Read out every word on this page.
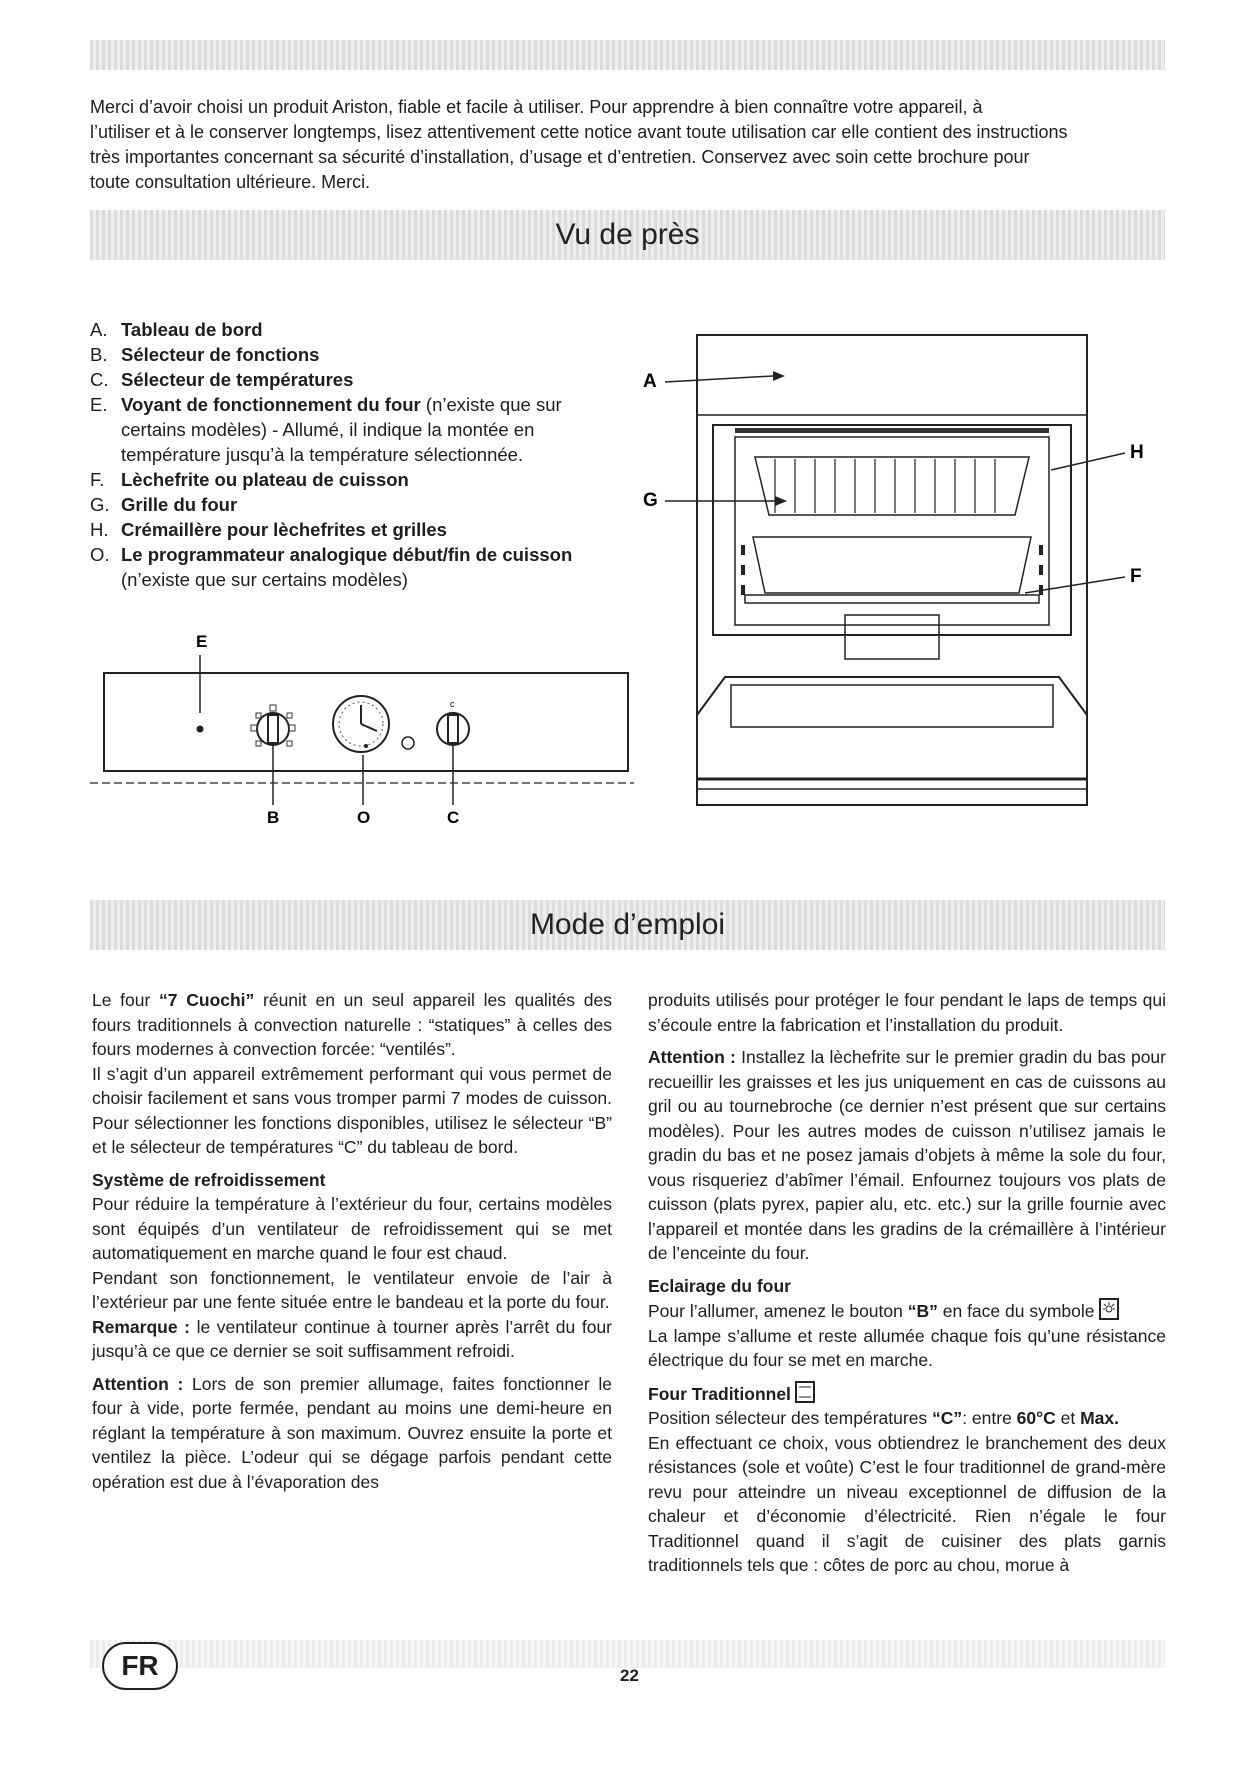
Merci d’avoir choisi un produit Ariston, fiable et facile à utiliser. Pour apprendre à bien connaître votre appareil, à

l’utiliser et à le conserver longtemps, lisez attentivement cette notice avant toute utilisation car elle contient des instructions

très importantes concernant sa sécurité d’installation, d’usage et d’entretien. Conservez avec soin cette brochure pour

toute consultation ultérieure. Merci.

Vu de près
A. Tableau de bord
B. Sélecteur de fonctions
C. Sélecteur de températures
E. Voyant de fonctionnement du four (n’existe que sur certains modèles) - Allumé, il indique la montée en température jusqu’à la température sélectionnée.
F. Lèchefrite ou plateau de cuisson
G. Grille du four
H. Crémaillère pour lèchefrites et grilles
O. Le programmateur analogique début/fin de cuisson (n’existe que sur certains modèles)
E
c
B	O	C
A
G
H
F
Mode d’emploi

Le four “7 Cuochi” réunit en un seul appareil les qualités des fours traditionnels à convection naturelle : “statiques” à celles des fours modernes à convection forcée: “ventilés”.

Il s’agit d’un appareil extrêmement performant qui vous permet de choisir facilement et sans vous tromper parmi 7 modes de cuisson. Pour sélectionner les fonctions disponibles, utilisez le sélecteur “B” et le sélecteur de températures “C” du tableau de bord.

Système de refroidissement

Pour réduire la température à l’extérieur du four, certains modèles sont équipés d’un ventilateur de refroidissement qui se met automatiquement en marche quand le four est chaud.

Pendant son fonctionnement, le ventilateur envoie de l’air à l’extérieur par une fente située entre le bandeau et la porte du four.

Remarque : le ventilateur continue à tourner après l’arrêt du four jusqu’à ce que ce dernier se soit suffisamment refroidi.

Attention : Lors de son premier allumage, faites fonctionner le four à vide, porte fermée, pendant au moins une demi-heure en réglant la température à son maximum. Ouvrez ensuite la porte et ventilez la pièce. L’odeur qui se dégage parfois pendant cette opération est due à l’évaporation des

produits utilisés pour protéger le four pendant le laps de temps qui s’écoule entre la fabrication et l’installation du produit.

Attention : Installez la lèchefrite sur le premier gradin du bas pour recueillir les graisses et les jus uniquement en cas de cuissons au gril ou au tournebroche (ce dernier n’est présent que sur certains modèles). Pour les autres modes de cuisson n’utilisez jamais le gradin du bas et ne posez jamais d’objets à même la sole du four, vous risqueriez d’abîmer l’émail. Enfournez toujours vos plats de cuisson (plats pyrex, papier alu, etc. etc.) sur la grille fournie avec l’appareil et montée dans les gradins de la crémaillère à l’intérieur de l’enceinte du four.

Eclairage du four

Pour l’allumer, amenez le bouton “B” en face du symbole

La lampe s’allume et reste allumée chaque fois qu’une résistance électrique du four se met en marche.

Four Traditionnel

Position sélecteur des températures “C”: entre 60°C et Max.

En effectuant ce choix, vous obtiendrez le branchement des deux résistances (sole et voûte) C’est le four traditionnel de grand-mère revu pour atteindre un niveau exceptionnel de diffusion de la chaleur et d’économie d’électricité. Rien n’égale le four Traditionnel quand il s’agit de cuisiner des plats garnis traditionnels tels que : côtes de porc au chou, morue à

FR	22
